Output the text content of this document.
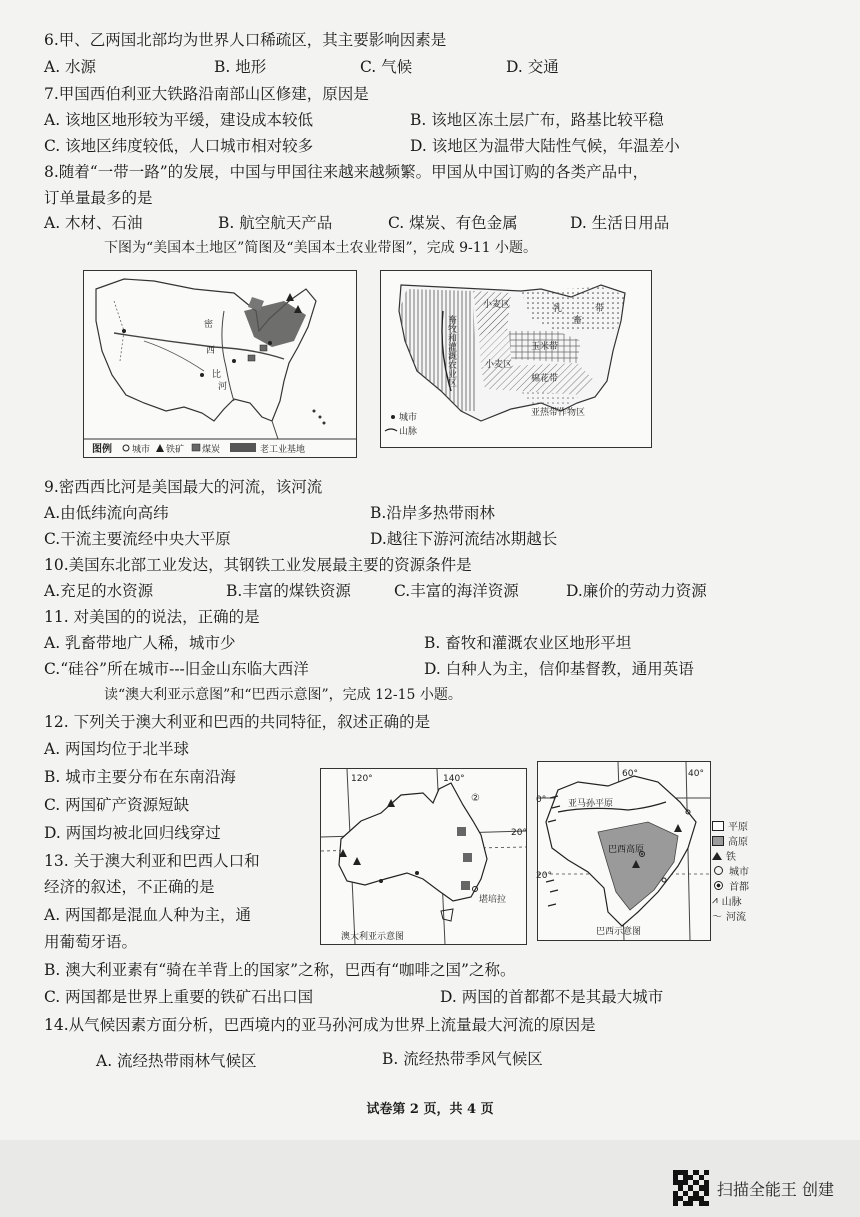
6.甲、乙两国北部均为世界人口稀疏区，其主要影响因素是
A. 水源	B. 地形	C. 气候	D. 交通
7.甲国西伯利亚大铁路沿南部山区修建，原因是
A. 该地区地形较为平缓，建设成本较低	B. 该地区冻土层广布，路基比较平稳
C. 该地区纬度较低，人口城市相对较多	D. 该地区为温带大陆性气候，年温差小
8.随着“一带一路”的发展，中国与甲国往来越来越频繁。甲国从中国订购的各类产品中，
订单量最多的是
A. 木材、石油	B. 航空航天产品	C. 煤炭、有色金属	D. 生活日用品
下图为“美国本土地区”简图及“美国本土农业带图”，完成 9-11 小题。
密
西
比
河
图例 城市 铁矿 煤炭	老工业基地
畜牧和灌溉农业区
小麦区	乳
畜
带
玉米带
小麦区
棉花带
亚热带作物区
城市
山脉
9.密西西比河是美国最大的河流，该河流
A.由低纬流向高纬	B.沿岸多热带雨林
C.干流主要流经中央大平原	D.越往下游河流结冰期越长
10.美国东北部工业发达，其钢铁工业发展最主要的资源条件是
A.充足的水资源	B.丰富的煤铁资源	C.丰富的海洋资源	D.廉价的劳动力资源
11. 对美国的的说法，正确的是
A. 乳畜带地广人稀，城市少	B. 畜牧和灌溉农业区地形平坦
C.“硅谷”所在城市---旧金山东临大西洋	D. 白种人为主，信仰基督教，通用英语
读“澳大利亚示意图”和“巴西示意图”，完成 12-15 小题。
12. 下列关于澳大利亚和巴西的共同特征，叙述正确的是
A. 两国均位于北半球
B. 城市主要分布在东南沿海
C. 两国矿产资源短缺
D. 两国均被北回归线穿过
13. 关于澳大利亚和巴西人口和
经济的叙述，不正确的是
A. 两国都是混血人种为主，通
用葡萄牙语。
120°	140°
②
20°
堪培拉
澳大利亚示意图
60°	40°
0°
20°
亚马孙平原
巴西高原
巴西示意图
平原
高原
铁
城市
首都
⩘ 山脉
〜 河流
B. 澳大利亚素有“骑在羊背上的国家”之称，巴西有“咖啡之国”之称。
C. 两国都是世界上重要的铁矿石出口国	D. 两国的首都都不是其最大城市
14.从气候因素方面分析，巴西境内的亚马孙河成为世界上流量最大河流的原因是
A. 流经热带雨林气候区	B. 流经热带季风气候区
试卷第 2 页，共 4 页
扫描全能王 创建
